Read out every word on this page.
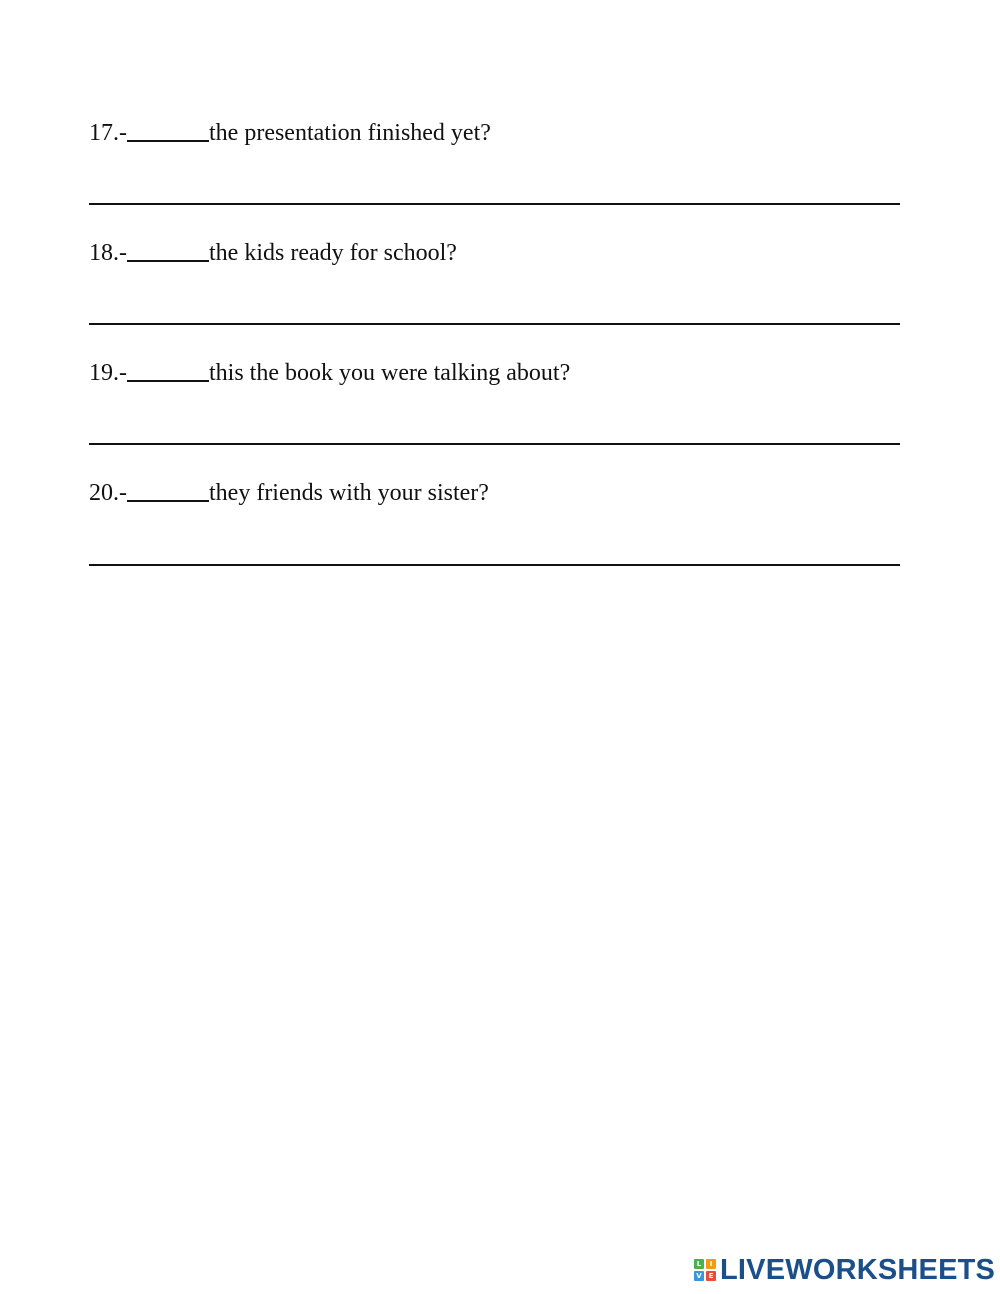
17.-	the presentation finished yet?
18.-	the kids ready for school?
19.-	this the book you were talking about?
20.-	they friends with your sister?
L	I
V E LIVEWORKSHEETS
